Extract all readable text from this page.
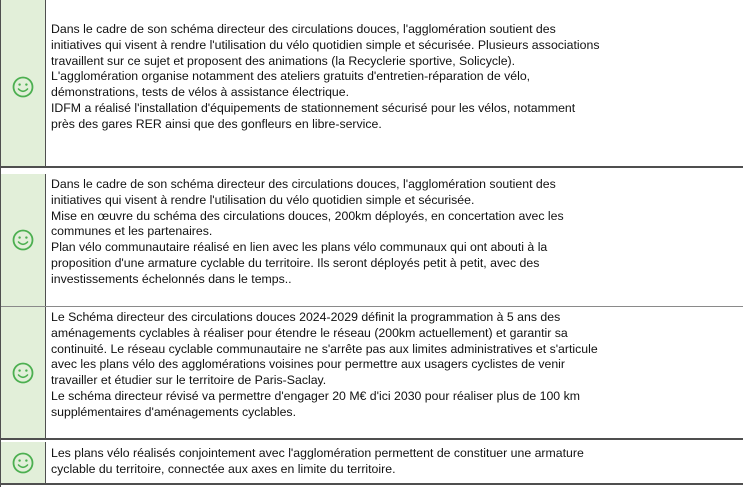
Dans le cadre de son schéma directeur des circulations douces, l'agglomération soutient des

initiatives qui visent à rendre l'utilisation du vélo quotidien simple et sécurisée. Plusieurs associations

travaillent sur ce sujet et proposent des animations (la Recyclerie sportive, Solicycle).

L'agglomération organise notamment des ateliers gratuits d'entretien-réparation de vélo,

démonstrations, tests de vélos à assistance électrique.

IDFM a réalisé l'installation d'équipements de stationnement sécurisé pour les vélos, notamment

près des gares RER ainsi que des gonfleurs en libre-service.

Dans le cadre de son schéma directeur des circulations douces, l'agglomération soutient des

initiatives qui visent à rendre l'utilisation du vélo quotidien simple et sécurisée.

Mise en œuvre du schéma des circulations douces, 200km déployés, en concertation avec les

communes et les partenaires.

Plan vélo communautaire réalisé en lien avec les plans vélo communaux qui ont abouti à la

proposition d'une armature cyclable du territoire. Ils seront déployés petit à petit, avec des

investissements échelonnés dans le temps..

Le Schéma directeur des circulations douces 2024-2029 définit la programmation à 5 ans des

aménagements cyclables à réaliser pour étendre le réseau (200km actuellement) et garantir sa

continuité. Le réseau cyclable communautaire ne s'arrête pas aux limites administratives et s'articule

avec les plans vélo des agglomérations voisines pour permettre aux usagers cyclistes de venir

travailler et étudier sur le territoire de Paris-Saclay.

Le schéma directeur révisé va permettre d'engager 20 M€ d'ici 2030 pour réaliser plus de 100 km

supplémentaires d'aménagements cyclables.

Les plans vélo réalisés conjointement avec l'agglomération permettent de constituer une armature

cyclable du territoire, connectée aux axes en limite du territoire.
